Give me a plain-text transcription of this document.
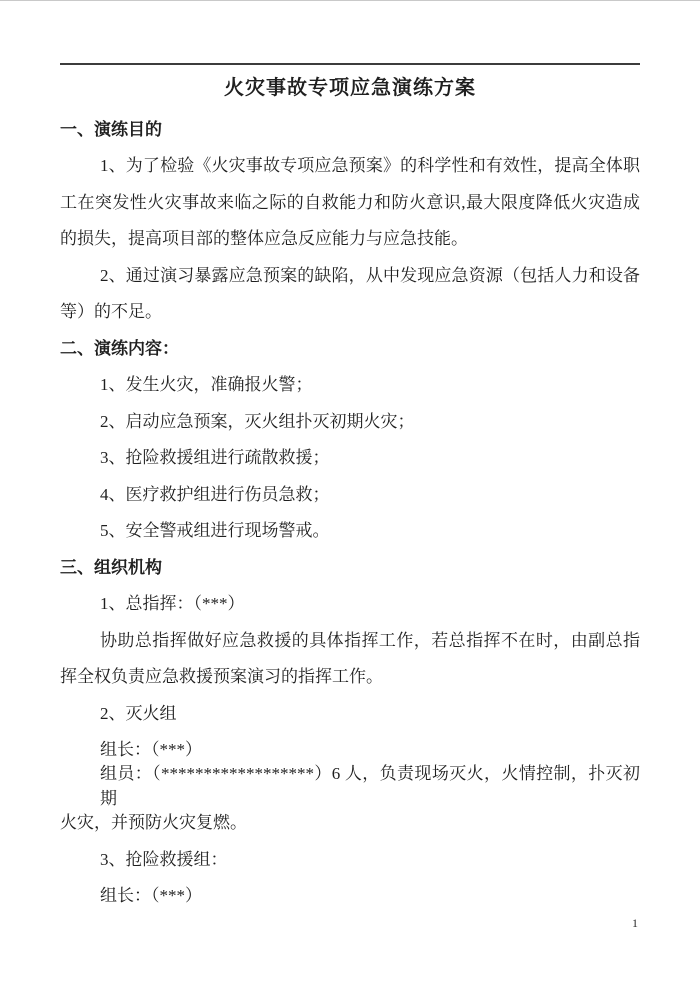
火灾事故专项应急演练方案
一、演练目的
1、为了检验《火灾事故专项应急预案》的科学性和有效性，提高全体职
工在突发性火灾事故来临之际的自救能力和防火意识,最大限度降低火灾造成
的损失，提高项目部的整体应急反应能力与应急技能。
2、通过演习暴露应急预案的缺陷，从中发现应急资源（包括人力和设备
等）的不足。
二、演练内容：
1、发生火灾，准确报火警；
2、启动应急预案，灭火组扑灭初期火灾；
3、抢险救援组进行疏散救援；
4、医疗救护组进行伤员急救；
5、安全警戒组进行现场警戒。
三、组织机构
1、总指挥：（***）
协助总指挥做好应急救援的具体指挥工作，若总指挥不在时，由副总指
挥全权负责应急救援预案演习的指挥工作。
2、灭火组
组长：（***）
组员：（******************）6 人，负责现场灭火，火情控制，扑灭初期
火灾，并预防火灾复燃。
3、抢险救援组：
组长：（***）
1
